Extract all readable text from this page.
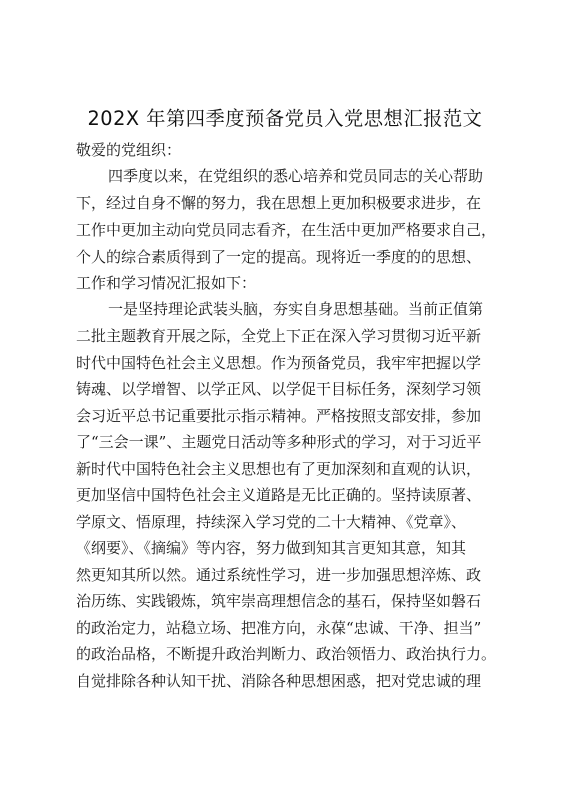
202X 年第四季度预备党员入党思想汇报范文
敬爱的党组织：
四季度以来，在党组织的悉心培养和党员同志的关心帮助
下，经过自身不懈的努力，我在思想上更加积极要求进步，在
工作中更加主动向党员同志看齐，在生活中更加严格要求自己，
个人的综合素质得到了一定的提高。现将近一季度的的思想、
工作和学习情况汇报如下：
一是坚持理论武装头脑，夯实自身思想基础。当前正值第
二批主题教育开展之际，全党上下正在深入学习贯彻习近平新
时代中国特色社会主义思想。作为预备党员，我牢牢把握以学
铸魂、以学增智、以学正风、以学促干目标任务，深刻学习领
会习近平总书记重要批示指示精神。严格按照支部安排，参加
了“三会一课”、主题党日活动等多种形式的学习，对于习近平
新时代中国特色社会主义思想也有了更加深刻和直观的认识，
更加坚信中国特色社会主义道路是无比正确的。坚持读原著、
学原文、悟原理，持续深入学习党的二十大精神、《党章》、
《纲要》、《摘编》等内容，努力做到知其言更知其意，知其
然更知其所以然。通过系统性学习，进一步加强思想淬炼、政
治历练、实践锻炼，筑牢崇高理想信念的基石，保持坚如磐石
的政治定力，站稳立场、把准方向，永葆“忠诚、干净、担当”
的政治品格，不断提升政治判断力、政治领悟力、政治执行力。
自觉排除各种认知干扰、消除各种思想困惑，把对党忠诚的理
